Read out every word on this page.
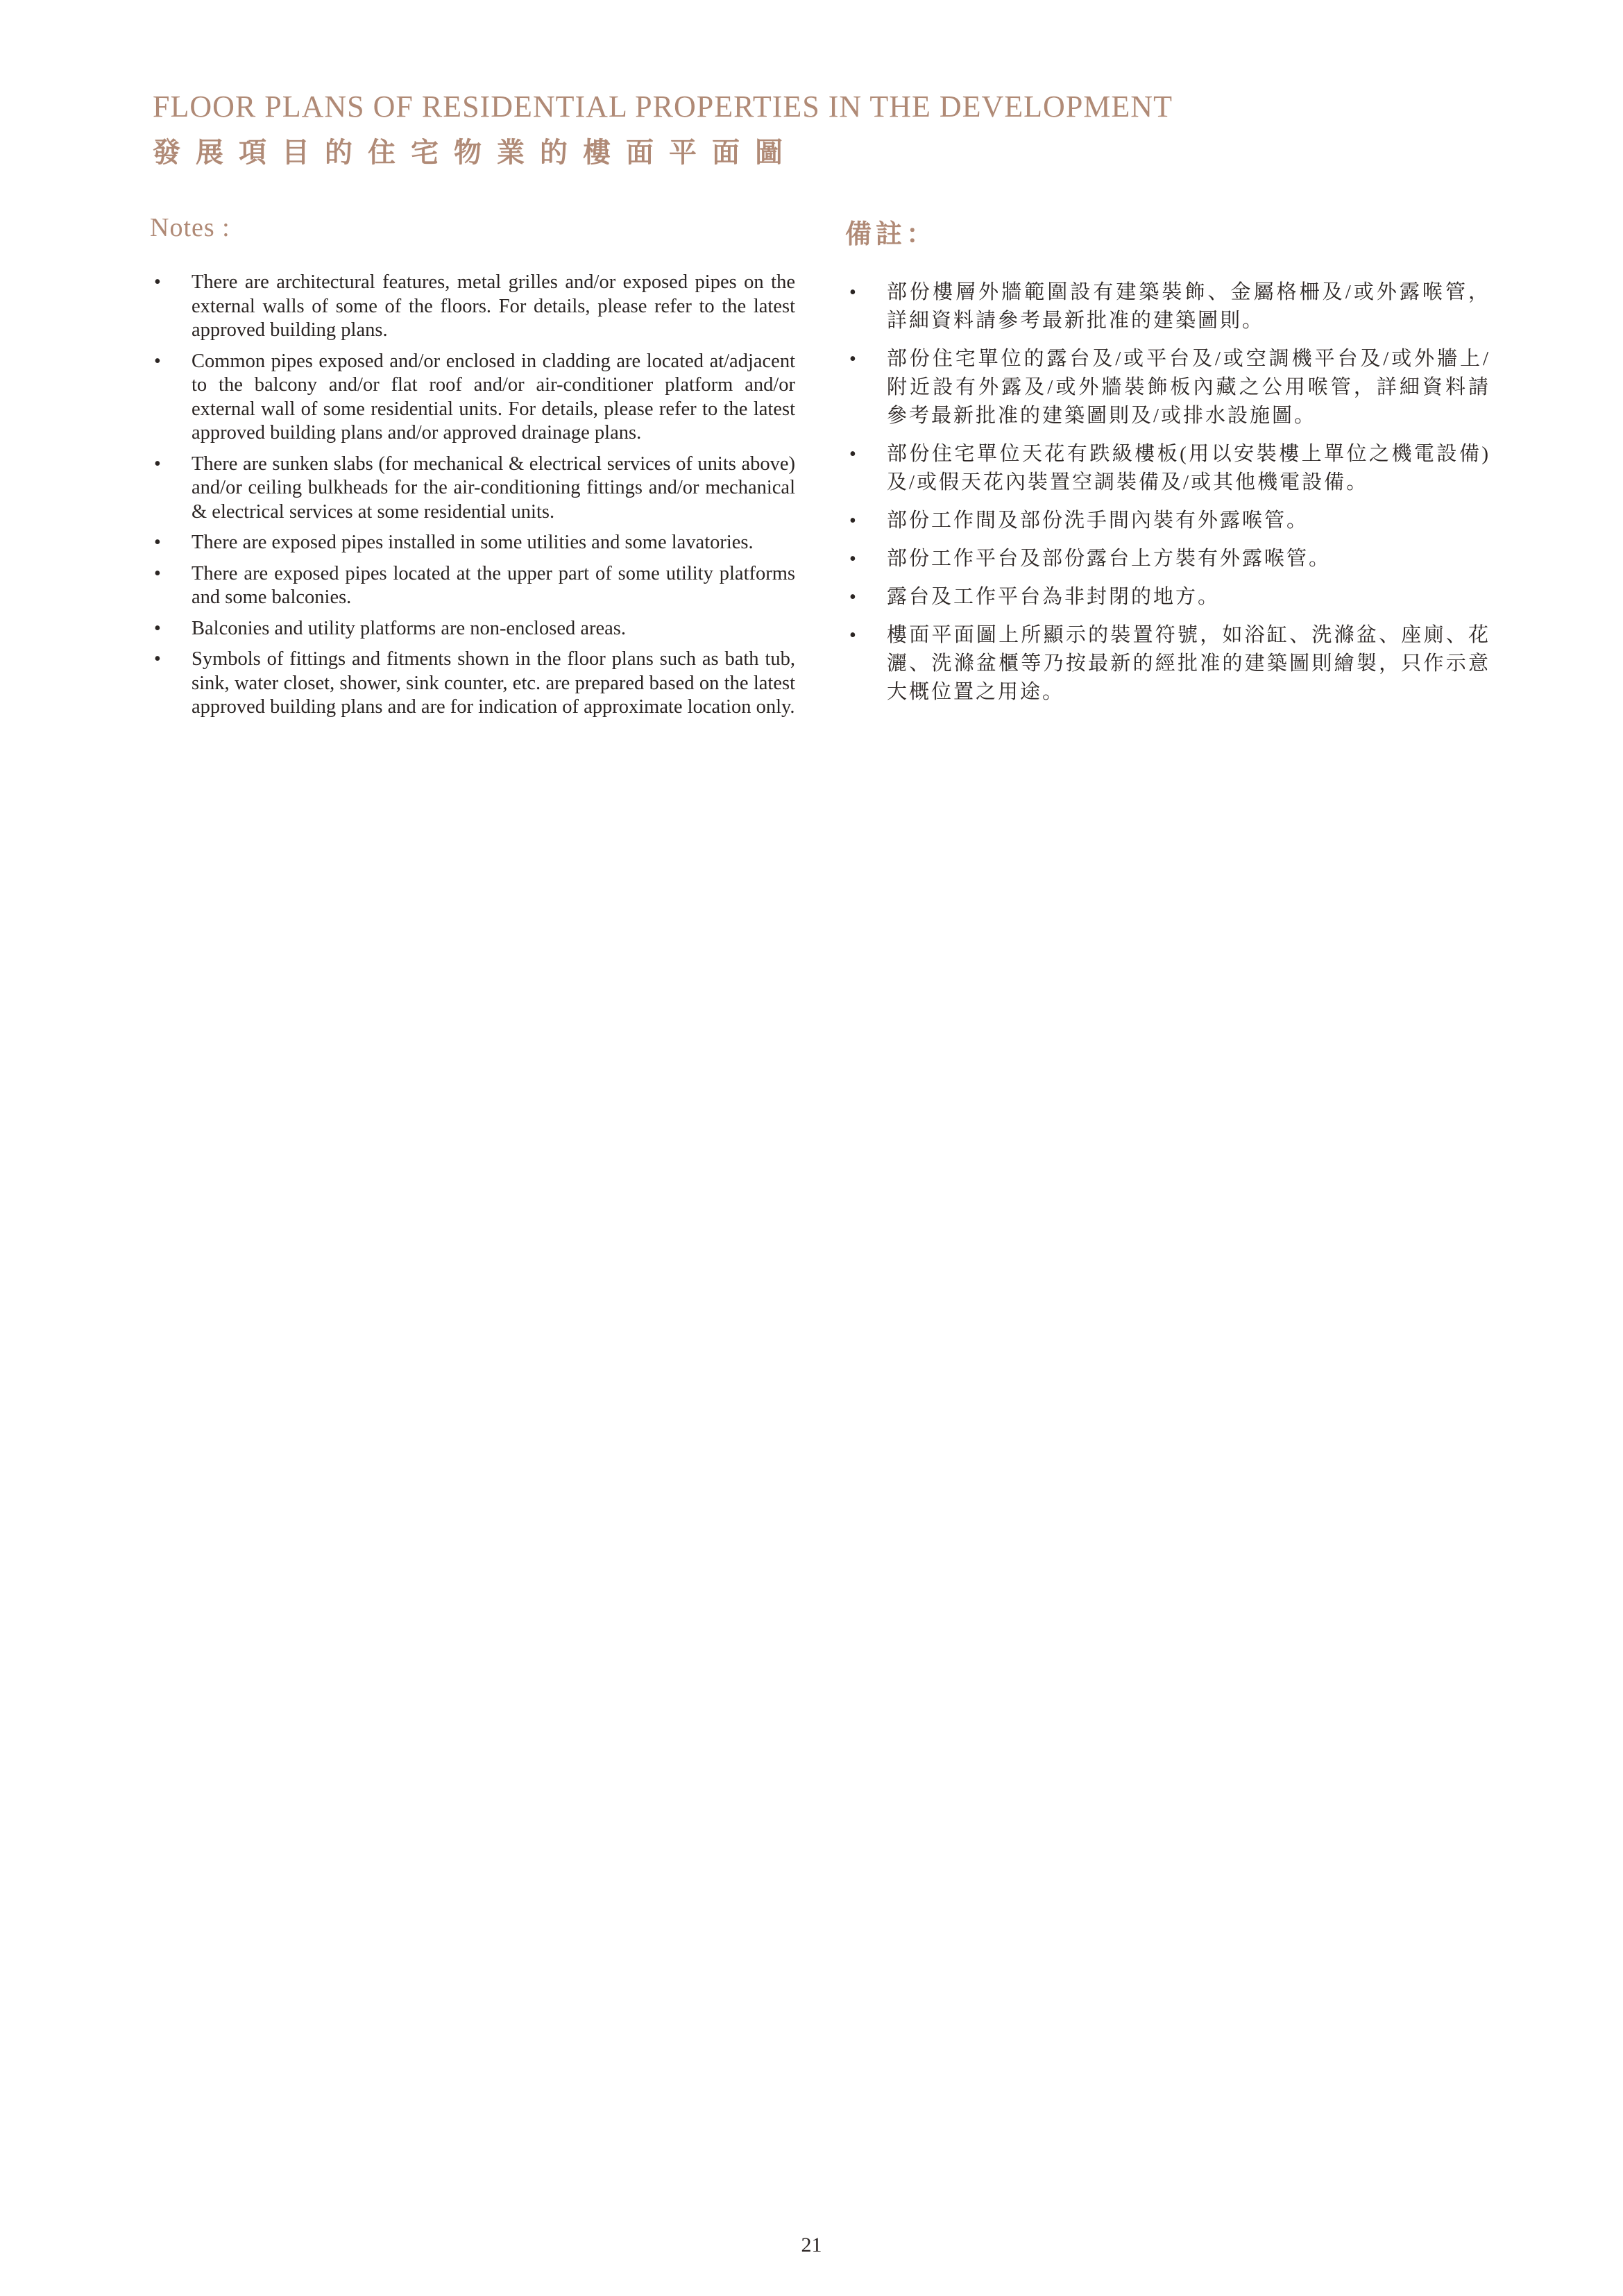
FLOOR PLANS OF RESIDENTIAL PROPERTIES IN THE DEVELOPMENT
發展項目的住宅物業的樓面平面圖
Notes :
• There are architectural features, metal grilles and/or exposed pipes on the external walls of some of the floors. For details, please refer to the latest approved building plans.
• Common pipes exposed and/or enclosed in cladding are located at/adjacent to the balcony and/or flat roof and/or air-conditioner platform and/or external wall of some residential units. For details, please refer to the latest approved building plans and/or approved drainage plans.
• There are sunken slabs (for mechanical & electrical services of units above) and/or ceiling bulkheads for the air-conditioning fittings and/or mechanical & electrical services at some residential units.
• There are exposed pipes installed in some utilities and some lavatories.
• There are exposed pipes located at the upper part of some utility platforms and some balconies.
• Balconies and utility platforms are non-enclosed areas.
• Symbols of fittings and fitments shown in the floor plans such as bath tub, sink, water closet, shower, sink counter, etc. are prepared based on the latest approved building plans and are for indication of approximate location only.
備註：
• 部份樓層外牆範圍設有建築裝飾、金屬格柵及/或外露喉管，詳細資料請參考最新批准的建築圖則。
• 部份住宅單位的露台及/或平台及/或空調機平台及/或外牆上/附近設有外露及/或外牆裝飾板內藏之公用喉管，詳細資料請參考最新批准的建築圖則及/或排水設施圖。
• 部份住宅單位天花有跌級樓板(用以安裝樓上單位之機電設備)及/或假天花內裝置空調裝備及/或其他機電設備。
• 部份工作間及部份洗手間內裝有外露喉管。
• 部份工作平台及部份露台上方裝有外露喉管。
• 露台及工作平台為非封閉的地方。
• 樓面平面圖上所顯示的裝置符號，如浴缸、洗滌盆、座廁、花灑、洗滌盆櫃等乃按最新的經批准的建築圖則繪製，只作示意大概位置之用途。
21
